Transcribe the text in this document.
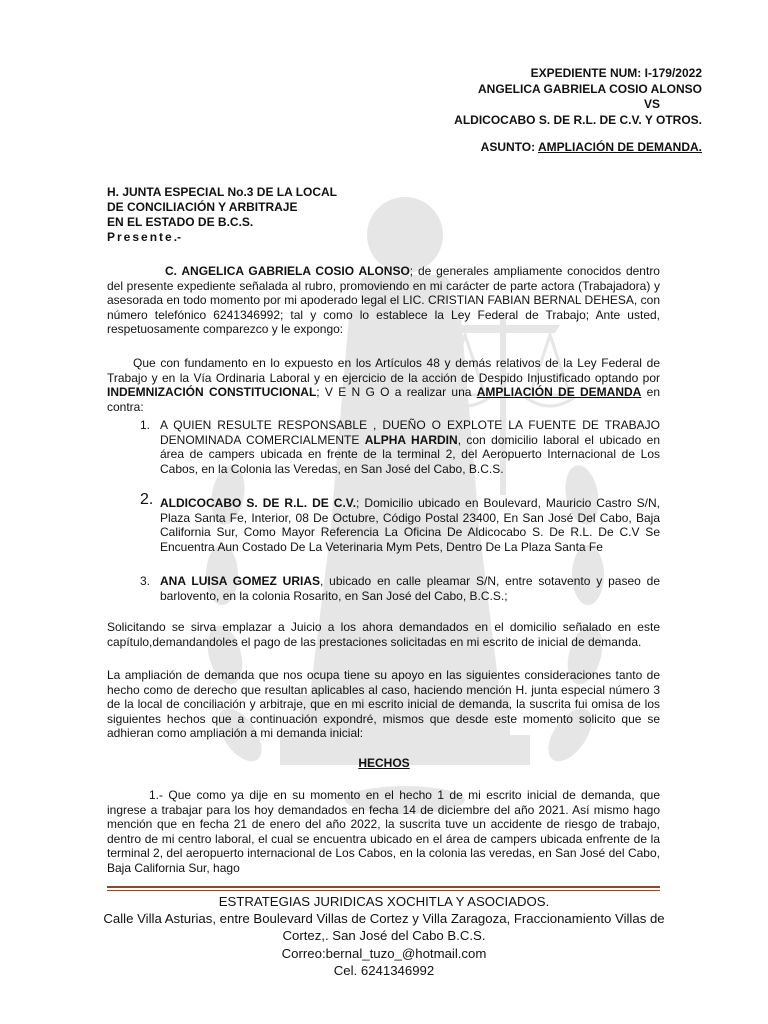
EXPEDIENTE NUM: I-179/2022
ANGELICA GABRIELA COSIO ALONSO
VS
ALDICOCABO S. DE R.L. DE C.V. Y OTROS.
ASUNTO: AMPLIACIÓN DE DEMANDA.
H. JUNTA ESPECIAL No.3 DE LA LOCAL
DE CONCILIACIÓN Y ARBITRAJE
EN EL ESTADO DE B.C.S.
Presente.-
C. ANGELICA GABRIELA COSIO ALONSO; de generales ampliamente conocidos dentro del presente expediente señalada al rubro, promoviendo en mi carácter de parte actora (Trabajadora) y asesorada en todo momento por mi apoderado legal el LIC. CRISTIAN FABIAN BERNAL DEHESA, con número telefónico 6241346992; tal y como lo establece la Ley Federal de Trabajo; Ante usted, respetuosamente comparezco y le expongo:
Que con fundamento en lo expuesto en los Artículos 48 y demás relativos de la Ley Federal de Trabajo y en la Vía Ordinaria Laboral y en ejercicio de la acción de Despido Injustificado optando por INDEMNIZACIÓN CONSTITUCIONAL; V E N G O a realizar una AMPLIACIÓN DE DEMANDA en contra:
1. A QUIEN RESULTE RESPONSABLE , DUEÑO O EXPLOTE LA FUENTE DE TRABAJO DENOMINADA COMERCIALMENTE ALPHA HARDIN, con domicilio laboral el ubicado en área de campers ubicada en frente de la terminal 2, del Aeropuerto Internacional de Los Cabos, en la Colonia las Veredas, en San José del Cabo, B.C.S.
2. ALDICOCABO S. DE R.L. DE C.V.; Domicilio ubicado en Boulevard, Mauricio Castro S/N, Plaza Santa Fe, Interior, 08 De Octubre, Código Postal 23400, En San José Del Cabo, Baja California Sur, Como Mayor Referencia La Oficina De Aldicocabo S. De R.L. De C.V Se Encuentra Aun Costado De La Veterinaria Mym Pets, Dentro De La Plaza Santa Fe
3. ANA LUISA GOMEZ URIAS, ubicado en calle pleamar S/N, entre sotavento y paseo de barlovento, en la colonia Rosarito, en San José del Cabo, B.C.S.;
Solicitando se sirva emplazar a Juicio a los ahora demandados en el domicilio señalado en este capítulo,demandandoles el pago de las prestaciones solicitadas en mi escrito de inicial de demanda.
La ampliación de demanda que nos ocupa tiene su apoyo en las siguientes consideraciones tanto de hecho como de derecho que resultan aplicables al caso, haciendo mención H. junta especial número 3 de la local de conciliación y arbitraje, que en mi escrito inicial de demanda, la suscrita fui omisa de los siguientes hechos que a continuación expondré, mismos que desde este momento solicito que se adhieran como ampliación a mi demanda inicial:
HECHOS
1.- Que como ya dije en su momento en el hecho 1 de mi escrito inicial de demanda, que ingrese a trabajar para los hoy demandados en fecha 14 de diciembre del año 2021. Así mismo hago mención que en fecha 21 de enero del año 2022, la suscrita tuve un accidente de riesgo de trabajo, dentro de mi centro laboral, el cual se encuentra ubicado en el área de campers ubicada enfrente de la terminal 2, del aeropuerto internacional de Los Cabos, en la colonia las veredas, en San José del Cabo, Baja California Sur, hago
ESTRATEGIAS JURIDICAS XOCHITLA Y ASOCIADOS.
Calle Villa Asturias, entre Boulevard Villas de Cortez y Villa Zaragoza, Fraccionamiento Villas de Cortez,. San José del Cabo B.C.S.
Correo:bernal_tuzo_@hotmail.com
Cel. 6241346992
